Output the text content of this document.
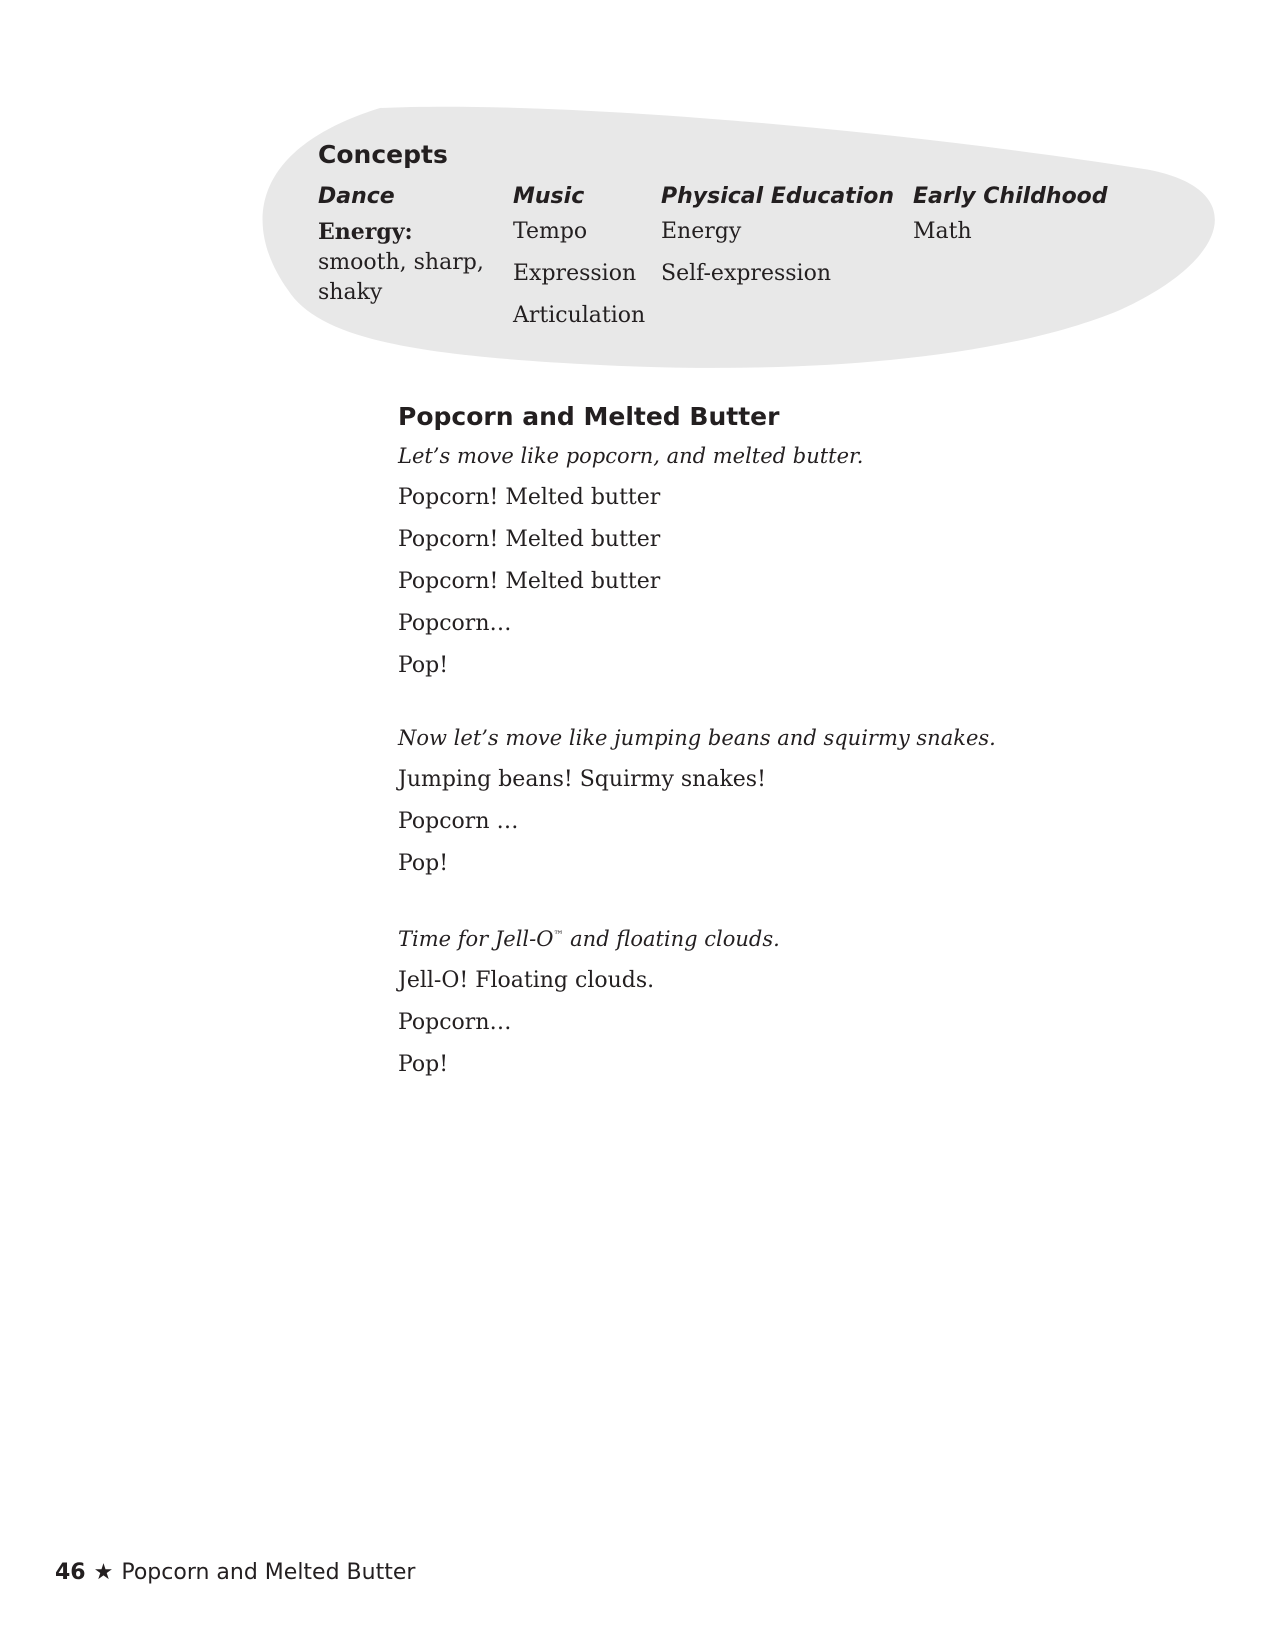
Concepts

Dance

Energy: smooth, sharp, shaky

Music

Tempo

Expression

Articulation

Physical Education

Energy

Self-expression

Early Childhood

Math

Popcorn and Melted Butter

Let’s move like popcorn, and melted butter.

Popcorn! Melted butter

Popcorn! Melted butter

Popcorn! Melted butter

Popcorn…

Pop!

Now let’s move like jumping beans and squirmy snakes.

Jumping beans! Squirmy snakes!

Popcorn …

Pop!

Time for Jell-O™ and floating clouds.

Jell-O! Floating clouds.

Popcorn…

Pop!

46 ★ Popcorn and Melted Butter
